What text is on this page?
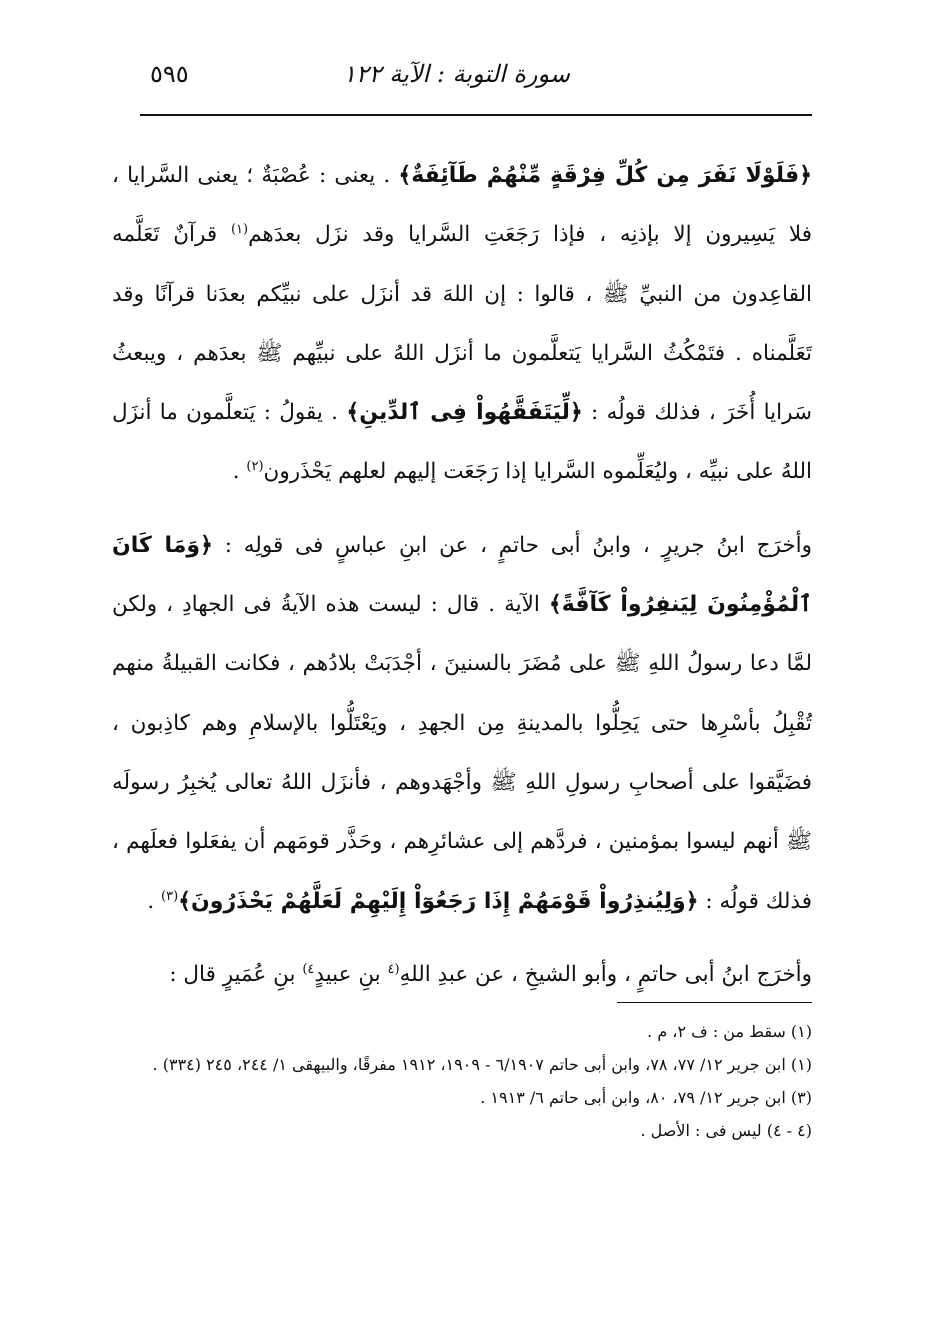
سورة التوبة : الآية ١٢٢
٥٩٥

﴿فَلَوْلَا نَفَرَ مِن كُلِّ فِرْقَةٍ مِّنْهُمْ طَآئِفَةٌ﴾ . يعنى : عُصْبَةٌ ؛ يعنى السَّرايا ، فلا يَسِيرون إلا بإذنِه ، فإذا رَجَعَتِ السَّرايا وقد نزَل بعدَهم$^{(١)}$ قرآنٌ تَعَلَّمه القاعِدون من النبيِّ ﷺ ، قالوا : إن اللهَ قد أنزَل على نبيِّكم بعدَنا قرآنًا وقد تَعَلَّمناه . فتَمْكُثُ السَّرايا يَتعلَّمون ما أنزَل اللهُ على نبيِّهم ﷺ بعدَهم ، ويبعثُ سَرايا أُخَرَ ، فذلك قولُه : ﴿لِّيَتَفَقَّهُواْ فِى ٱلدِّينِ﴾ . يقولُ : يَتعلَّمون ما أنزَل اللهُ على نبيِّه ، وليُعَلِّموه السَّرايا إذا رَجَعَت إليهم لعلهم يَحْذَرون$^{(٢)}$ .

وأخرَج ابنُ جريرٍ ، وابنُ أبى حاتمٍ ، عن ابنِ عباسٍ فى قولِه : ﴿وَمَا كَانَ ٱلْمُؤْمِنُونَ لِيَنفِرُواْ كَآفَّةً﴾ الآية . قال : ليست هذه الآيةُ فى الجهادِ ، ولكن لمَّا دعا رسولُ اللهِ ﷺ على مُضَرَ بالسنينَ ، أجْدَبَتْ بلادُهم ، فكانت القبيلةُ منهم تُقْبِلُ بأسْرِها حتى يَحِلُّوا بالمدينةِ مِن الجهدِ ، ويَعْتَلُّوا بالإسلامِ وهم كاذِبون ، فضَيَّقوا على أصحابِ رسولِ اللهِ ﷺ وأجْهَدوهم ، فأنزَل اللهُ تعالى يُخبِرُ رسولَه ﷺ أنهم ليسوا بمؤمنين ، فردَّهم إلى عشائرِهم ، وحَذَّر قومَهم أن يفعَلوا فعلَهم ، فذلك قولُه : ﴿وَلِيُنذِرُواْ قَوْمَهُمْ إِذَا رَجَعُوٓاْ إِلَيْهِمْ لَعَلَّهُمْ يَحْذَرُونَ﴾$^{(٣)}$ .

وأخرَج ابنُ أبى حاتمٍ ، وأبو الشيخِ ، عن عبدِ اللهِ$^{(٤}$ بنِ عبيدٍ$^{٤)}$ بنِ عُمَيرٍ قال :

(١) سقط من : ف ٢، م .

(١) ابن جرير ١٢/ ٧٧، ٧٨، وابن أبى حاتم ٦/١٩٠٧ - ١٩٠٩، ١٩١٢ مفرقًا، والبيهقى ١/ ٢٤٤، ٢٤٥ (٣٣٤) .

(٣) ابن جرير ١٢/ ٧٩، ٨٠، وابن أبى حاتم ٦/ ١٩١٣ .

(٤ - ٤) ليس فى : الأصل .
